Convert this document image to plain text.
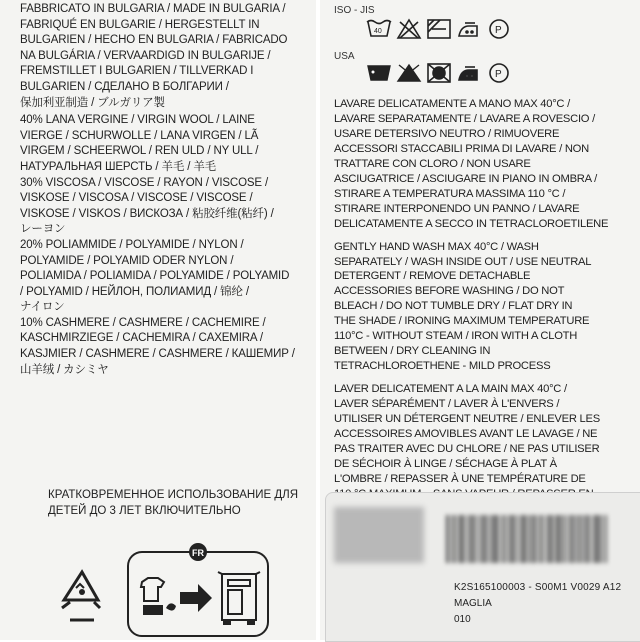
FABBRICATO IN BULGARIA / MADE IN BULGARIA /
FABRIQUÉ EN BULGARIE / HERGESTELLT IN
BULGARIEN / HECHO EN BULGARIA / FABRICADO
NA BULGÁRIA / VERVAARDIGD IN BULGARIJE /
FREMSTILLET I BULGARIEN / TILLVERKAD I
BULGARIEN / СДЕЛАНО В БОЛГАРИИ /
保加利亚制造 / ブルガリア製
40% LANA VERGINE / VIRGIN WOOL / LAINE
VIERGE / SCHURWOLLE / LANA VIRGEN / LÃ
VIRGEM / SCHEERWOL / REN ULD / NY ULL /
НАТУРАЛЬНАЯ ШЕРСТЬ / 羊毛 / 羊毛
30% VISCOSA / VISCOSE / RAYON / VISCOSE /
VISKOSE / VISCOSA / VISCOSE / VISCOSE /
VISKOSE / VISKOS / ВИСКОЗА / 粘胶纤维(粘纤) /
レーヨン
20% POLIAMMIDE / POLYAMIDE / NYLON /
POLYAMIDE / POLYAMID ODER NYLON /
POLIAMIDA / POLIAMIDA / POLYAMIDE / POLYAMID
/ POLYAMID / НЕЙЛОН, ПОЛИАМИД / 锦纶 /
ナイロン
10% CASHMERE / CASHMERE / CACHEMIRE /
KASCHMIRZIEGE / CACHEMIRA / CAXEMIRA /
KASJMIER / CASHMERE / CASHMERE / КАШЕМИР /
山羊绒 / カシミヤ
КРАТКОВРЕМЕННОЕ ИСПОЛЬЗОВАНИЕ ДЛЯ
ДЕТЕЙ ДО 3 ЛЕТ ВКЛЮЧИТЕЛЬНО
FR
ISO - JIS
40	P
USA
P
LAVARE DELICATAMENTE A MANO MAX 40°C /
LAVARE SEPARATAMENTE / LAVARE A ROVESCIO /
USARE DETERSIVO NEUTRO / RIMUOVERE
ACCESSORI STACCABILI PRIMA DI LAVARE / NON
TRATTARE CON CLORO / NON USARE
ASCIUGATRICE / ASCIUGARE IN PIANO IN OMBRA /
STIRARE A TEMPERATURA MASSIMA 110 °C /
STIRARE INTERPONENDO UN PANNO / LAVARE
DELICATAMENTE A SECCO IN TETRACLOROETILENE
GENTLY HAND WASH MAX 40°C / WASH
SEPARATELY / WASH INSIDE OUT / USE NEUTRAL
DETERGENT / REMOVE DETACHABLE
ACCESSORIES BEFORE WASHING / DO NOT
BLEACH / DO NOT TUMBLE DRY / FLAT DRY IN
THE SHADE / IRONING MAXIMUM TEMPERATURE
110°C - WITHOUT STEAM / IRON WITH A CLOTH
BETWEEN / DRY CLEANING IN
TETRACHLOROETHENE - MILD PROCESS
LAVER DELICATEMENT A LA MAIN MAX 40°C /
LAVER SÉPARÉMENT / LAVER À L'ENVERS /
UTILISER UN DÉTERGENT NEUTRE / ENLEVER LES
ACCESSOIRES AMOVIBLES AVANT LE LAVAGE / NE
PAS TRAITER AVEC DU CHLORE / NE PAS UTILISER
DE SÉCHOIR À LINGE / SÉCHAGE À PLAT À
L'OMBRE / REPASSER À UNE TEMPÉRATURE DE
K2S165100003 - S00M1 V0029 A12
MAGLIA
010
